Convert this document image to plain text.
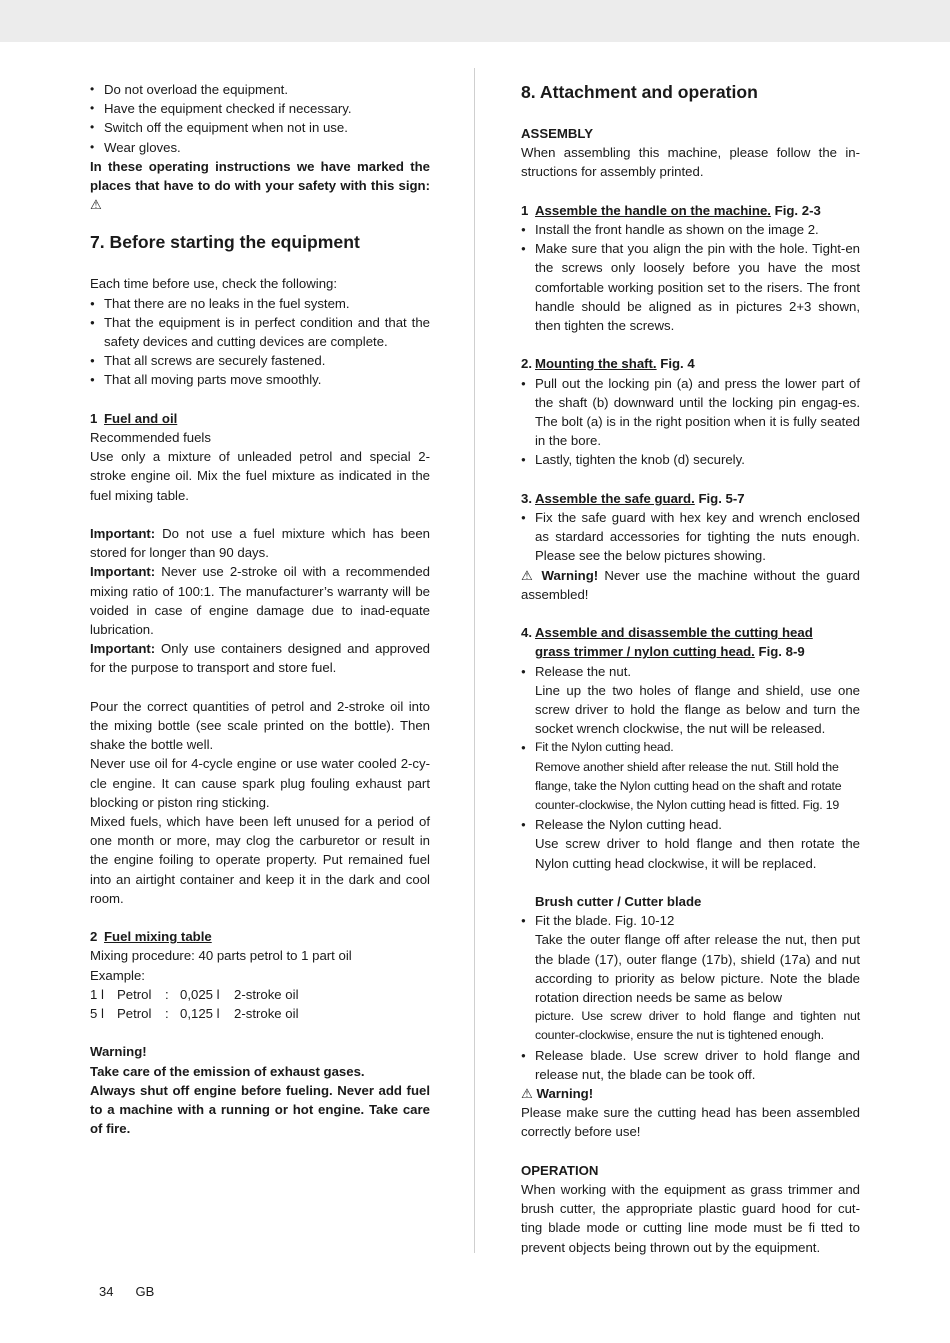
• Do not overload the equipment.
• Have the equipment checked if necessary.
• Switch off the equipment when not in use.
• Wear gloves.

In these operating instructions we have marked the places that have to do with your safety with this sign: ⚠

7. Before starting the equipment

Each time before use, check the following:

● That there are no leaks in the fuel system.
● That the equipment is in perfect condition and that the safety devices and cutting devices are complete.
● That all screws are securely fastened.
● That all moving parts move smoothly.

1 Fuel and oil

Recommended fuels

Use only a mixture of unleaded petrol and special 2-stroke engine oil. Mix the fuel mixture as indicated in the fuel mixing table.

Important: Do not use a fuel mixture which has been stored for longer than 90 days.

Important: Never use 2-stroke oil with a recommended mixing ratio of 100:1. The manufacturer’s warranty will be voided in case of engine damage due to inad-equate lubrication.

Important: Only use containers designed and approved for the purpose to transport and store fuel.

Pour the correct quantities of petrol and 2-stroke oil into the mixing bottle (see scale printed on the bottle). Then shake the bottle well.

Never use oil for 4-cycle engine or use water cooled 2-cy-cle engine. It can cause spark plug fouling exhaust part blocking or piston ring sticking.

Mixed fuels, which have been left unused for a period of one month or more, may clog the carburetor or result in the engine foiling to operate property. Put remained fuel into an airtight container and keep it in the dark and cool room.

2 Fuel mixing table

Mixing procedure: 40 parts petrol to 1 part oil

Example:

1 l Petrol	: 0,025 l	2-stroke oil
5 l Petrol	: 0,125 l	2-stroke oil

Warning!

Take care of the emission of exhaust gases.

Always shut off engine before fueling. Never add fuel to a machine with a running or hot engine. Take care of fire.

8. Attachment and operation

ASSEMBLY

When assembling this machine, please follow the in-structions for assembly printed.

1 Assemble the handle on the machine. Fig. 2-3

● Install the front handle as shown on the image 2.
● Make sure that you align the pin with the hole. Tight-en the screws only loosely before you have the most comfortable working position set to the risers. The front handle should be aligned as in pictures 2+3 shown, then tighten the screws.

2. Mounting the shaft. Fig. 4

● Pull out the locking pin (a) and press the lower part of the shaft (b) downward until the locking pin engag-es. The bolt (a) is in the right position when it is fully seated in the bore.
● Lastly, tighten the knob (d) securely.

3. Assemble the safe guard. Fig. 5-7

● Fix the safe guard with hex key and wrench enclosed as stardard accessories for tighting the nuts enough. Please see the below pictures showing.

⚠ Warning! Never use the machine without the guard assembled!

4. Assemble and disassemble the cutting head

grass trimmer / nylon cutting head. Fig. 8-9

● Release the nut.

Line up the two holes of flange and shield, use one screw driver to hold the flange as below and turn the socket wrench clockwise, the nut will be released.

● Fit the Nylon cutting head.

Remove another shield after release the nut. Still hold the flange, take the Nylon cutting head on the shaft and rotate counter-clockwise, the Nylon cutting head is fitted. Fig. 19

● Release the Nylon cutting head.

Use screw driver to hold flange and then rotate the Nylon cutting head clockwise, it will be replaced.

Brush cutter / Cutter blade

● Fit the blade. Fig. 10-12

Take the outer flange off after release the nut, then put the blade (17), outer flange (17b), shield (17a) and nut according to priority as below picture. Note the blade rotation direction needs be same as below

picture. Use screw driver to hold flange and tighten nut counter-clockwise, ensure the nut is tightened enough.

● Release blade. Use screw driver to hold flange and release nut, the blade can be took off.

⚠ Warning!

Please make sure the cutting head has been assembled correctly before use!

OPERATION

When working with the equipment as grass trimmer and brush cutter, the appropriate plastic guard hood for cut-ting blade mode or cutting line mode must be fi tted to prevent objects being thrown out by the equipment.

34 GB
